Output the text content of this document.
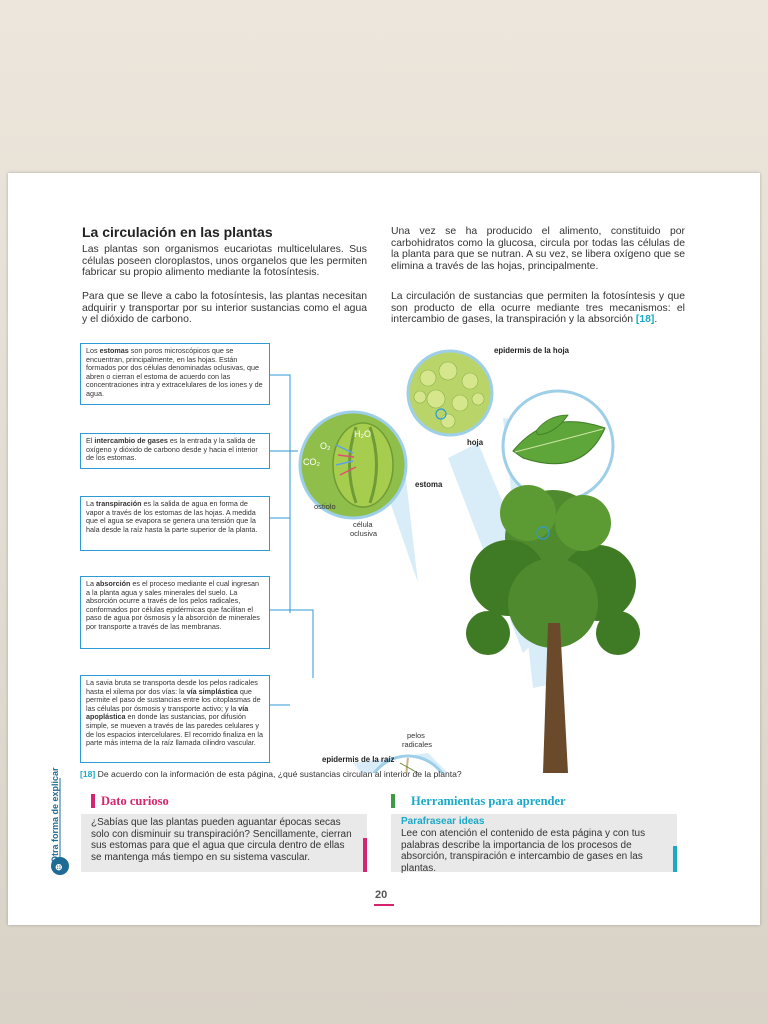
La circulación en las plantas
Las plantas son organismos eucariotas multicelulares. Sus células poseen cloroplastos, unos organelos que les permiten fabricar su propio alimento mediante la fotosíntesis.
Para que se lleve a cabo la fotosíntesis, las plantas necesitan adquirir y transportar por su interior sustancias como el agua y el dióxido de carbono.
Una vez se ha producido el alimento, constituido por carbohidratos como la glucosa, circula por todas las células de la planta para que se nutran. A su vez, se libera oxígeno que se elimina a través de las hojas, principalmente.
La circulación de sustancias que permiten la fotosíntesis y que son producto de ella ocurre mediante tres mecanismos: el intercambio de gases, la transpiración y la absorción [18].
Los estomas son poros microscópicos que se encuentran, principalmente, en las hojas. Están formados por dos células denominadas oclusivas, que abren o cierran el estoma de acuerdo con las concentraciones intra y extracelulares de los iones y de agua.
El intercambio de gases es la entrada y la salida de oxígeno y dióxido de carbono desde y hacia el interior de los estomas.
La transpiración es la salida de agua en forma de vapor a través de los estomas de las hojas. A medida que el agua se evapora se genera una tensión que la hala desde la raíz hasta la parte superior de la planta.
La absorción es el proceso mediante el cual ingresan a la planta agua y sales minerales del suelo. La absorción ocurre a través de los pelos radicales, conformados por células epidérmicas que facilitan el paso de agua por ósmosis y la absorción de minerales por transporte a través de las membranas.
La savia bruta se transporta desde los pelos radicales hasta el xilema por dos vías: la vía simplástica que permite el paso de sustancias entre los citoplasmas de las células por ósmosis y transporte activo; y la vía apoplástica en donde las sustancias, por difusión simple, se mueven a través de las paredes celulares y de los espacios intercelulares. El recorrido finaliza en la parte más interna de la raíz llamada cilindro vascular.
H₂O
O₂
CO₂
epidermis de la hoja
hoja
estoma
ostiolo
célula
oclusiva
pelos
radicales
epidermis de la raíz
[18] De acuerdo con la información de esta página, ¿qué sustancias circulan al interior de la planta?
⊕
Otra forma de explicar	Dato curioso
¿Sabías que las plantas pueden aguantar épocas secas solo con disminuir su transpiración? Sencillamente, cierran sus estomas para que el agua que circula dentro de ellas se mantenga más tiempo en su sistema vascular.
Herramientas para aprender
Parafrasear ideas
Lee con atención el contenido de esta página y con tus palabras describe la importancia de los procesos de absorción, transpiración e intercambio de gases en las plantas.
20
